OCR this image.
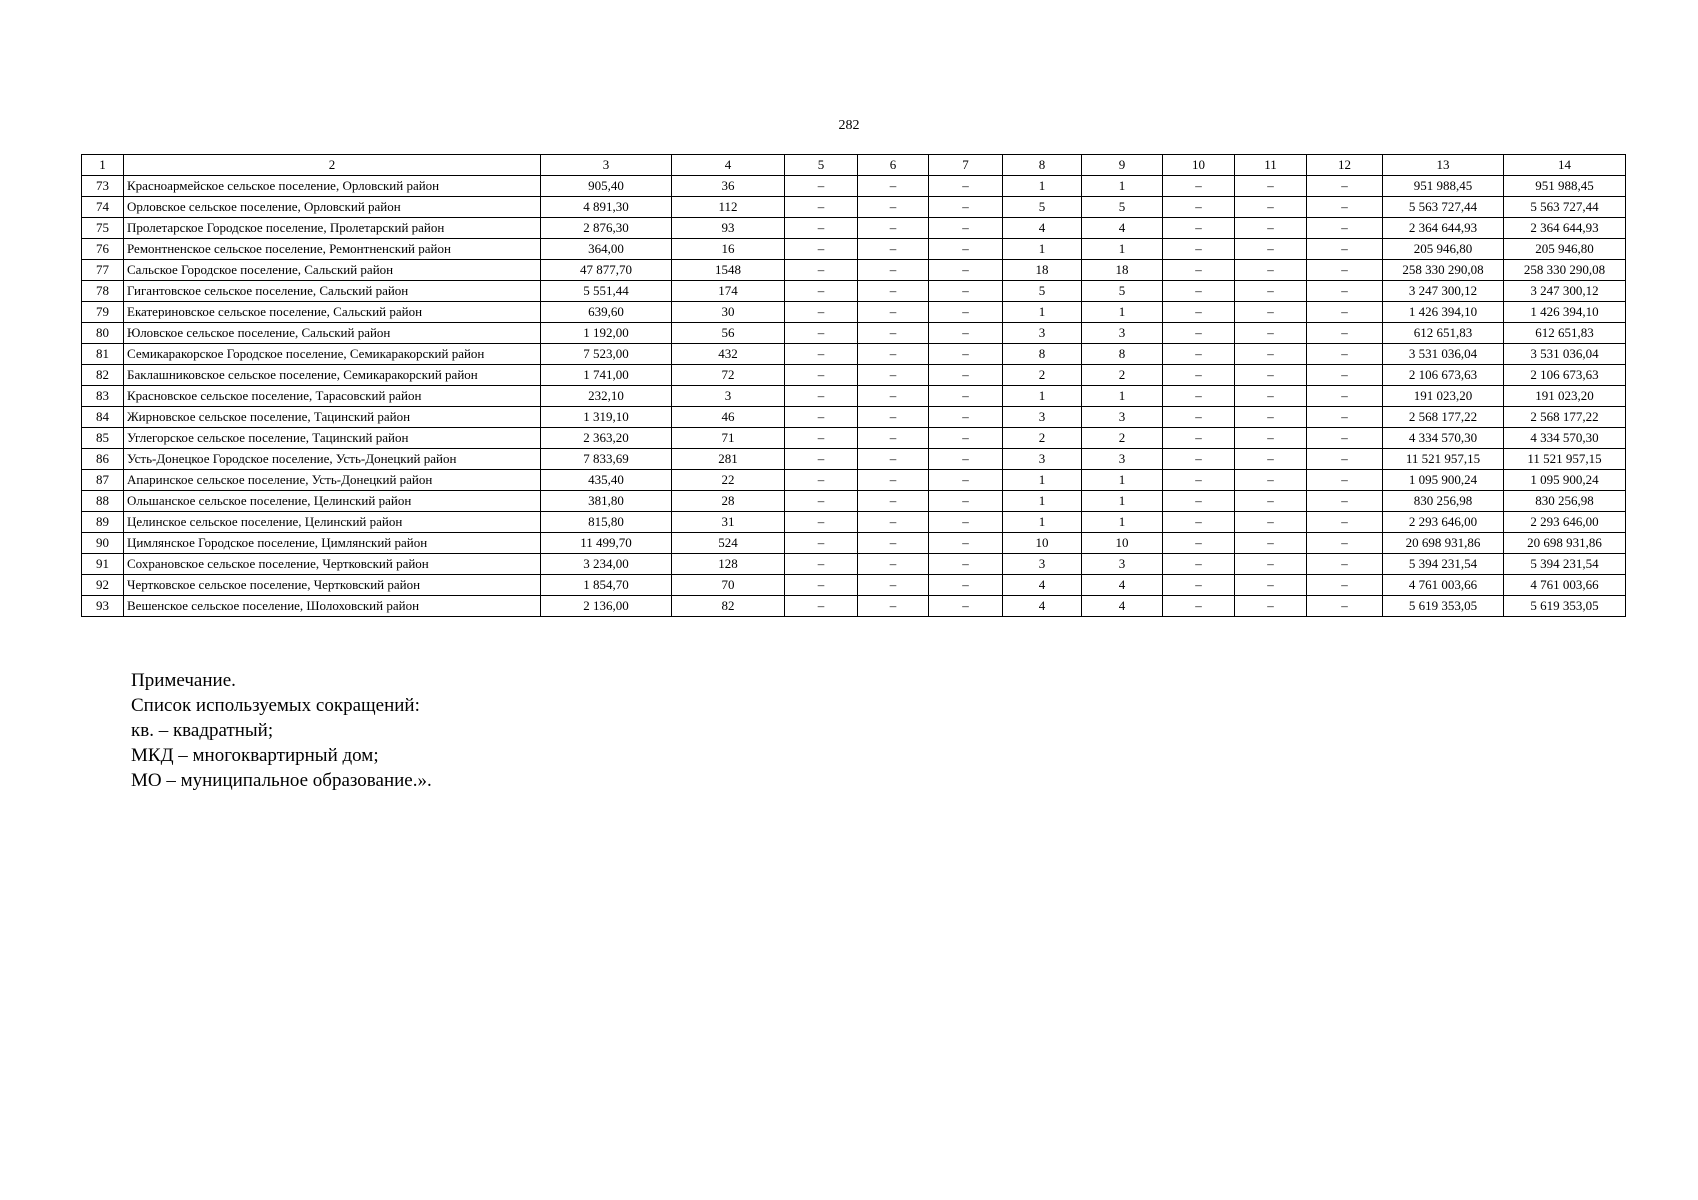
282
1	2	3	4	5	6	7	8	9	10	11	12	13	14
73	Красноармейское сельское поселение, Орловский район	905,40	36	–	–	–	1	1	–	–	–	951 988,45	951 988,45
74	Орловское сельское поселение, Орловский район	4 891,30	112	–	–	–	5	5	–	–	–	5 563 727,44	5 563 727,44
75	Пролетарское Городское поселение, Пролетарский район	2 876,30	93	–	–	–	4	4	–	–	–	2 364 644,93	2 364 644,93
76	Ремонтненское сельское поселение, Ремонтненский район	364,00	16	–	–	–	1	1	–	–	–	205 946,80	205 946,80
77	Сальское Городское поселение, Сальский район	47 877,70	1548	–	–	–	18	18	–	–	–	258 330 290,08	258 330 290,08
78	Гигантовское сельское поселение, Сальский район	5 551,44	174	–	–	–	5	5	–	–	–	3 247 300,12	3 247 300,12
79	Екатериновское сельское поселение, Сальский район	639,60	30	–	–	–	1	1	–	–	–	1 426 394,10	1 426 394,10
80	Юловское сельское поселение, Сальский район	1 192,00	56	–	–	–	3	3	–	–	–	612 651,83	612 651,83
81	Семикаракорское Городское поселение, Семикаракорский район	7 523,00	432	–	–	–	8	8	–	–	–	3 531 036,04	3 531 036,04
82	Баклашниковское сельское поселение, Семикаракорский район	1 741,00	72	–	–	–	2	2	–	–	–	2 106 673,63	2 106 673,63
83	Красновское сельское поселение, Тарасовский район	232,10	3	–	–	–	1	1	–	–	–	191 023,20	191 023,20
84	Жирновское сельское поселение, Тацинский район	1 319,10	46	–	–	–	3	3	–	–	–	2 568 177,22	2 568 177,22
85	Углегорское сельское поселение, Тацинский район	2 363,20	71	–	–	–	2	2	–	–	–	4 334 570,30	4 334 570,30
86	Усть-Донецкое Городское поселение, Усть-Донецкий район	7 833,69	281	–	–	–	3	3	–	–	–	11 521 957,15	11 521 957,15
87	Апаринское сельское поселение, Усть-Донецкий район	435,40	22	–	–	–	1	1	–	–	–	1 095 900,24	1 095 900,24
88	Ольшанское сельское поселение, Целинский район	381,80	28	–	–	–	1	1	–	–	–	830 256,98	830 256,98
89	Целинское сельское поселение, Целинский район	815,80	31	–	–	–	1	1	–	–	–	2 293 646,00	2 293 646,00
90	Цимлянское Городское поселение, Цимлянский район	11 499,70	524	–	–	–	10	10	–	–	–	20 698 931,86	20 698 931,86
91	Сохрановское сельское поселение, Чертковский район	3 234,00	128	–	–	–	3	3	–	–	–	5 394 231,54	5 394 231,54
92	Чертковское сельское поселение, Чертковский район	1 854,70	70	–	–	–	4	4	–	–	–	4 761 003,66	4 761 003,66
93	Вешенское сельское поселение, Шолоховский район	2 136,00	82	–	–	–	4	4	–	–	–	5 619 353,05	5 619 353,05
Примечание.
Список используемых сокращений:
кв. – квадратный;
МКД – многоквартирный дом;
МО – муниципальное образование.».
